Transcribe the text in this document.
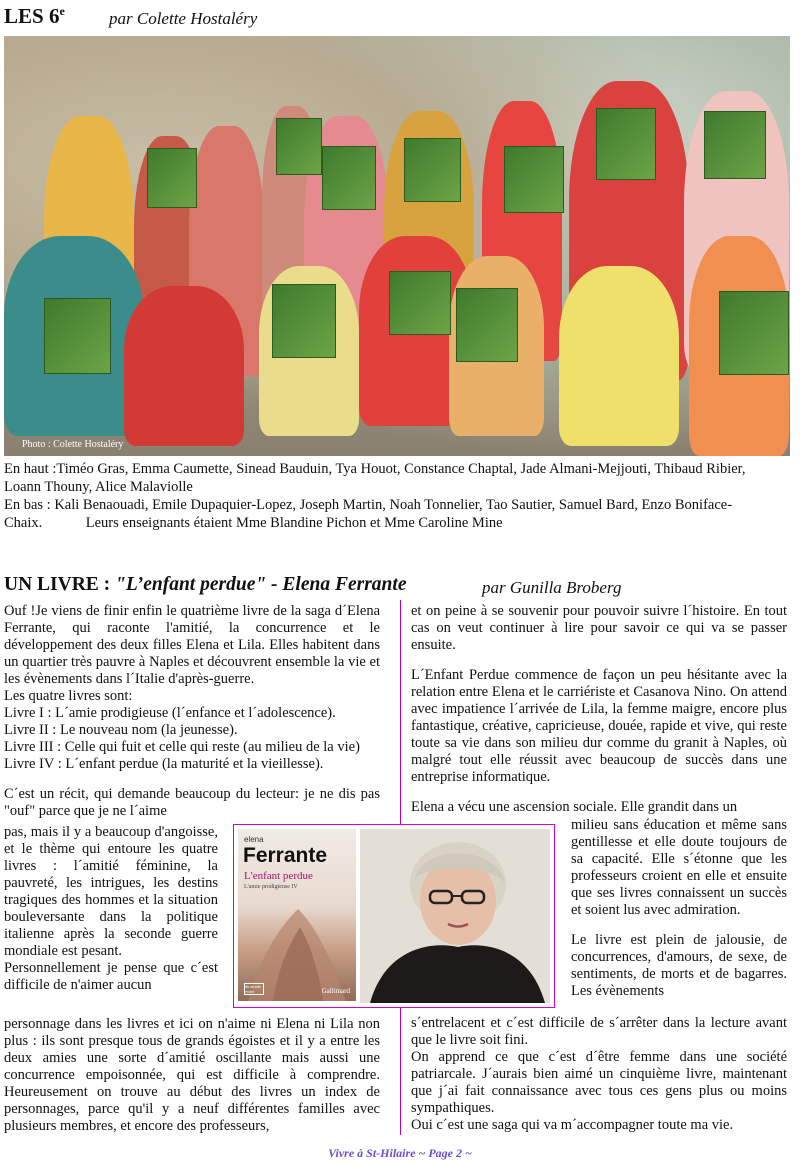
LES 6e	par Colette Hostaléry
Photo : Colette Hostaléry
En haut :Timéo Gras, Emma Caumette, Sinead Bauduin, Tya Houot, Constance Chaptal, Jade Almani-Mejjouti, Thibaud Ribier,
Loann Thouny, Alice Malaviolle
En bas : Kali Benaouadi, Emile Dupaquier-Lopez, Joseph Martin, Noah Tonnelier, Tao Sautier, Samuel Bard, Enzo Boniface-
Chaix.            Leurs enseignants étaient Mme Blandine Pichon et Mme Caroline Mine
UN LIVRE : "L’enfant perdue" - Elena Ferrante	par Gunilla Broberg

Ouf !Je viens de finir enfin le quatrième livre de la saga d´Elena Ferrante, qui raconte l'amitié, la concurrence et le développement des deux filles Elena et Lila. Elles habitent dans un quartier très pauvre à Naples et découvrent ensemble la vie et les évènements dans l´Italie d'après-guerre.

Les quatre livres sont:

Livre I : L´amie prodigieuse (l´enfance et l´adolescence).

Livre II : Le nouveau nom (la jeunesse).

Livre III : Celle qui fuit et celle qui reste (au milieu de la vie)

Livre IV : L´enfant perdue (la maturité et la vieillesse).

C´est un récit, qui demande beaucoup du lecteur: je ne dis pas "ouf" parce que je ne l´aime

pas, mais il y a beaucoup d'angoisse, et le thème qui entoure les quatre livres : l´amitié féminine, la pauvreté, les intrigues, les destins tragiques des hommes et la situation bouleversante dans la politique italienne après la seconde guerre mondiale est pesant.

Personnellement je pense que c´est difficile de n'aimer aucun

personnage dans les livres et ici on n'aime ni Elena ni Lila non plus : ils sont presque tous de grands égoistes et il y a entre les deux amies une sorte d´amitié oscillante mais aussi une concurrence empoisonnée, qui est difficile à comprendre. Heureusement on trouve au début des livres un index de personnages, parce qu'il y a neuf différentes familles avec plusieurs membres, et encore des professeurs,

et on peine à se souvenir pour pouvoir suivre l´histoire. En tout cas on veut continuer à lire pour savoir ce qui va se passer ensuite.

L´Enfant Perdue commence de façon un peu hésitante avec la relation entre Elena et le carriériste et Casanova Nino. On attend avec impatience l´arrivée de Lila, la femme maigre, encore plus fantastique, créative, capricieuse, douée, rapide et vive, qui reste toute sa vie dans son milieu dur comme du granit à Naples, où malgré tout elle réussit avec beaucoup de succès dans une entreprise informatique.

Elena a vécu une ascension sociale. Elle grandit dans un

milieu sans éducation et même sans gentillesse et elle doute toujours de sa capacité. Elle s´étonne que les professeurs croient en elle et ensuite que ses livres connaissent un succès et soient lus avec admiration.

Le livre est plein de jalousie, de concurrences, d'amours, de sexe, de sentiments, de morts et de bagarres. Les évènements

s´entrelacent et c´est difficile de s´arrêter dans la lecture avant que le livre soit fini.

On apprend ce que c´est d´être femme dans une société patriarcale. J´aurais bien aimé un cinquième livre, maintenant que j´ai fait connaissance avec tous ces gens plus ou moins sympathiques.

Oui c´est une saga qui va m´accompagner toute ma vie.

elena
Ferrante
L'enfant perdue
L'amie prodigieuse IV
du monde entier	Gallimard
Vivre à St-Hilaire ~ Page 2 ~
